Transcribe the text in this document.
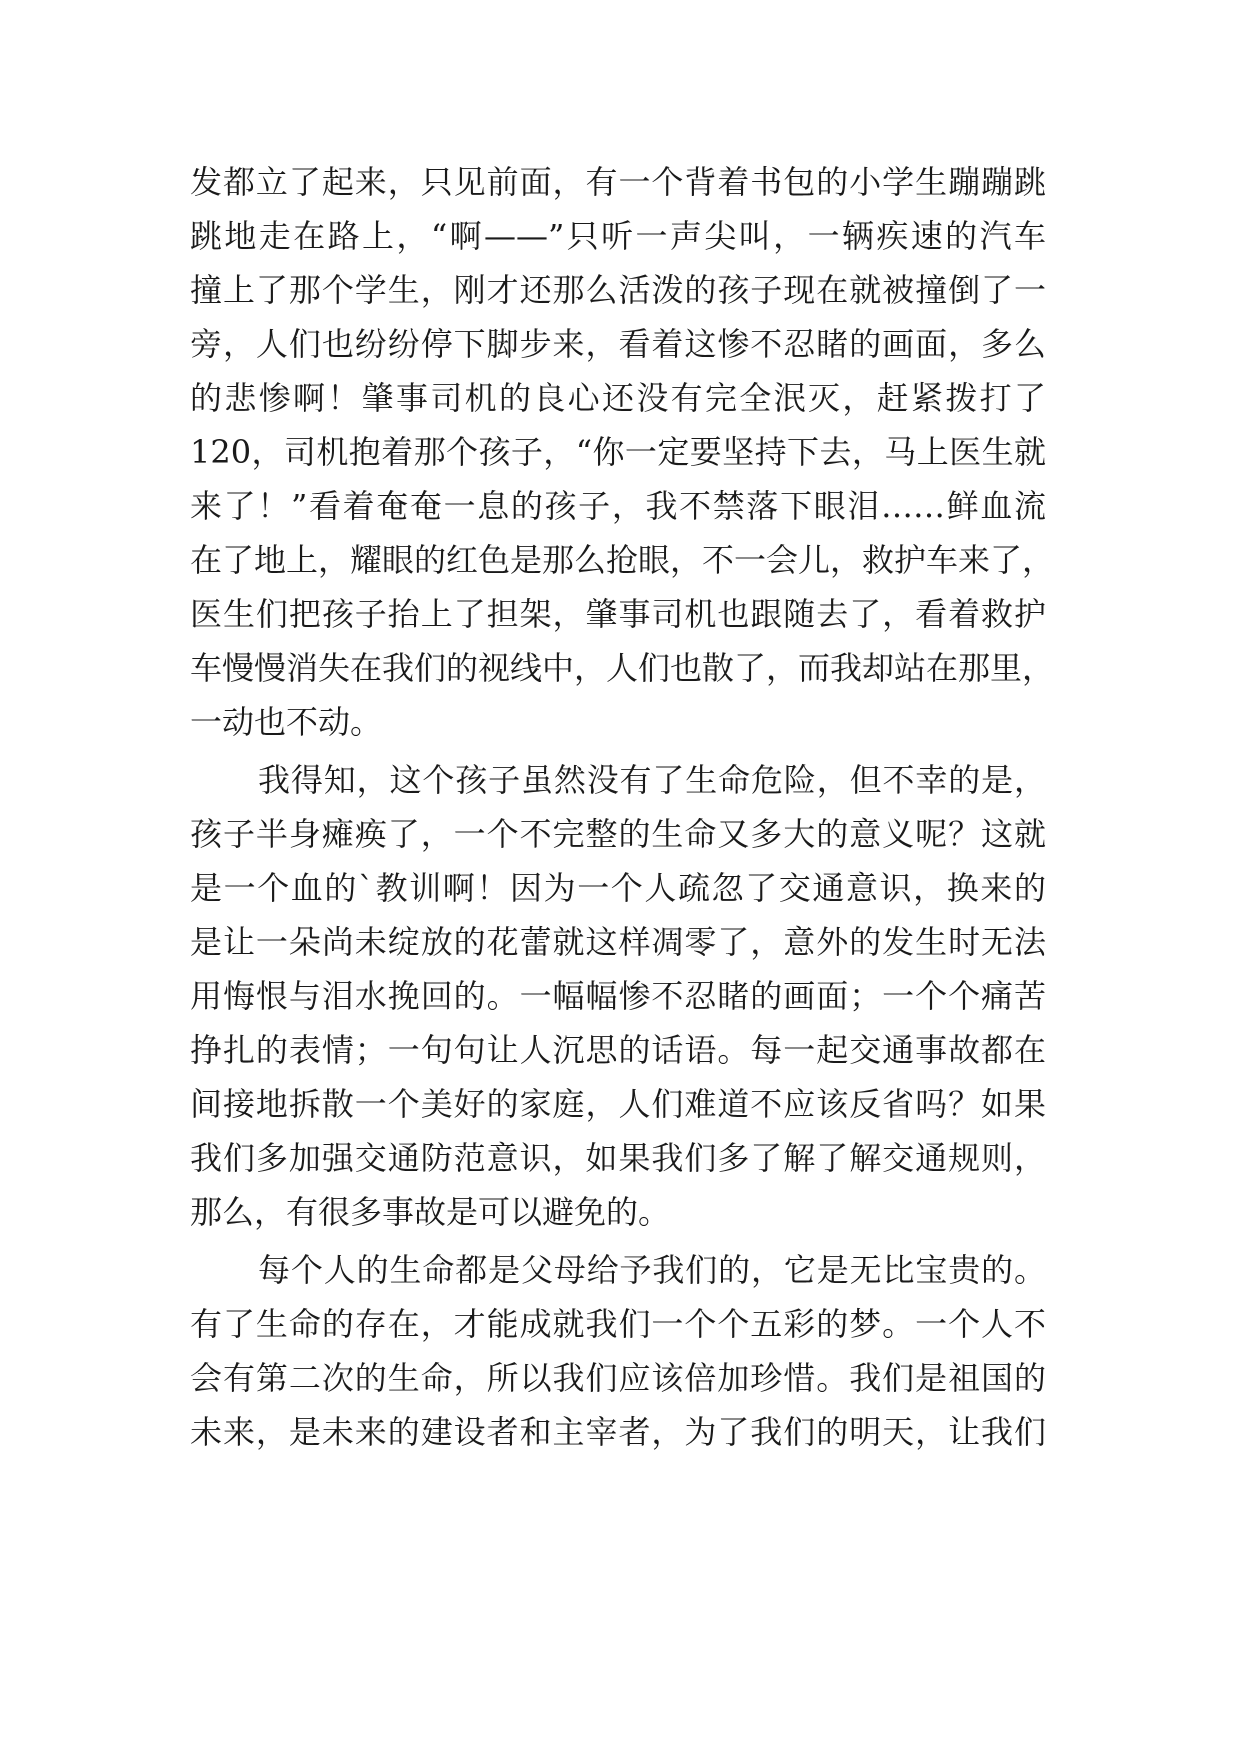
发都立了起来，只见前面，有一个背着书包的小学生蹦蹦跳
跳地走在路上，“啊——”只听一声尖叫，一辆疾速的汽车
撞上了那个学生，刚才还那么活泼的孩子现在就被撞倒了一
旁，人们也纷纷停下脚步来，看着这惨不忍睹的画面，多么
的悲惨啊！肇事司机的良心还没有完全泯灭，赶紧拨打了
120，司机抱着那个孩子，“你一定要坚持下去，马上医生就
来了！”看着奄奄一息的孩子，我不禁落下眼泪……鲜血流
在了地上，耀眼的红色是那么抢眼，不一会儿，救护车来了，
医生们把孩子抬上了担架，肇事司机也跟随去了，看着救护
车慢慢消失在我们的视线中，人们也散了，而我却站在那里，
一动也不动。
我得知，这个孩子虽然没有了生命危险，但不幸的是，
孩子半身瘫痪了，一个不完整的生命又多大的意义呢？这就
是一个血的`教训啊！因为一个人疏忽了交通意识，换来的
是让一朵尚未绽放的花蕾就这样凋零了，意外的发生时无法
用悔恨与泪水挽回的。一幅幅惨不忍睹的画面；一个个痛苦
挣扎的表情；一句句让人沉思的话语。每一起交通事故都在
间接地拆散一个美好的家庭，人们难道不应该反省吗？如果
我们多加强交通防范意识，如果我们多了解了解交通规则，
那么，有很多事故是可以避免的。
每个人的生命都是父母给予我们的，它是无比宝贵的。
有了生命的存在，才能成就我们一个个五彩的梦。一个人不
会有第二次的生命，所以我们应该倍加珍惜。我们是祖国的
未来，是未来的建设者和主宰者，为了我们的明天，让我们
